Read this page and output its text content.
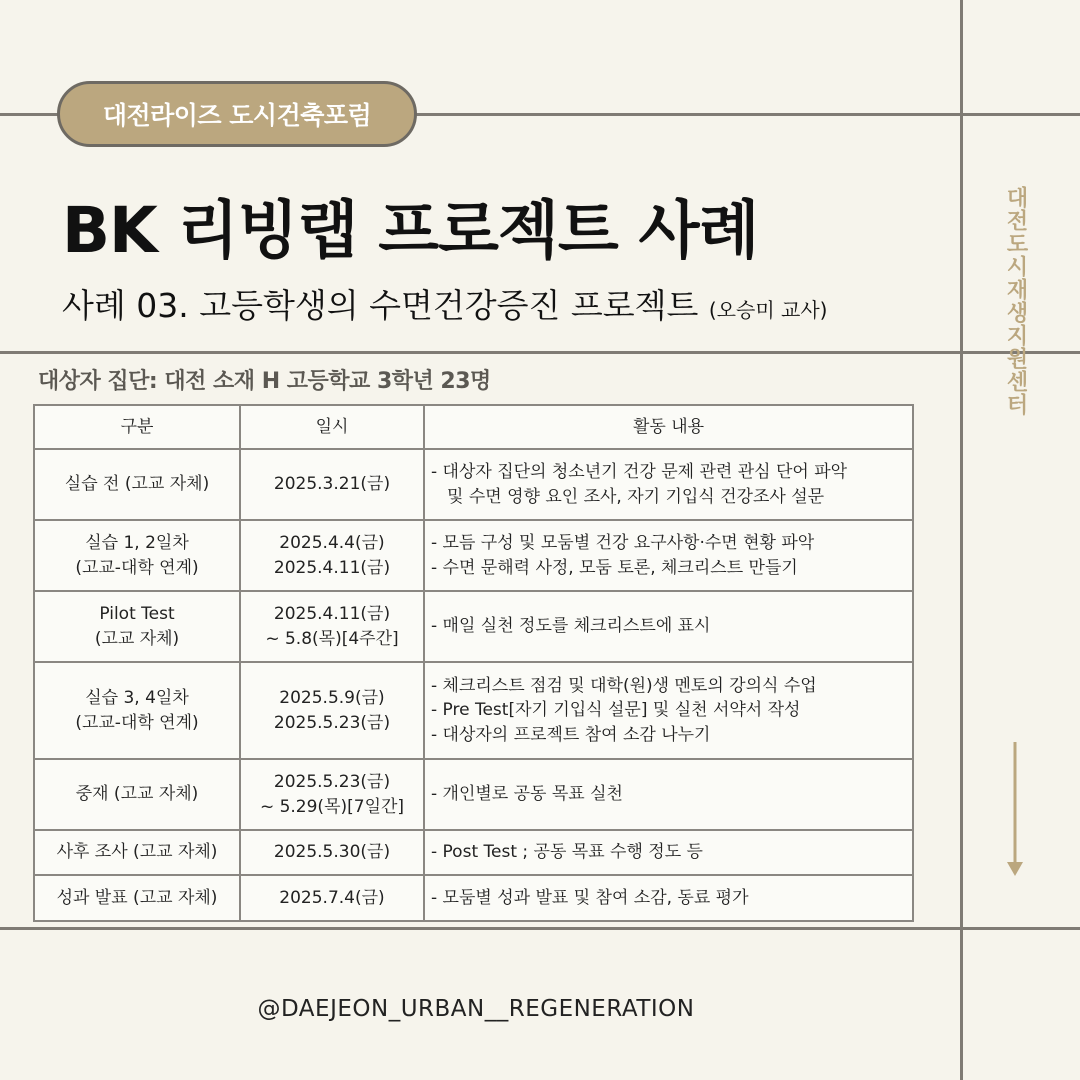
대전라이즈 도시건축포럼
BK 리빙랩 프로젝트 사례
사례 03. 고등학생의 수면건강증진 프로젝트 (오승미 교사)
대상자 집단: 대전 소재 H 고등학교 3학년 23명
구분	일시	활동 내용

실습 전 (고교 자체)	2025.3.21(금)	- 대상자 집단의 청소년기 건강 문제 관련 관심 단어 파악
및 수면 영향 요인 조사, 자기 기입식 건강조사 설문

실습 1, 2일차
(고교-대학 연계)	2025.4.4(금)
2025.4.11(금)	- 모듬 구성 및 모둠별 건강 요구사항·수면 현황 파악
- 수면 문해력 사정, 모둠 토론, 체크리스트 만들기

Pilot Test
(고교 자체)	2025.4.11(금)
~ 5.8(목)[4주간]	- 매일 실천 정도를 체크리스트에 표시

실습 3, 4일차
(고교-대학 연계)	2025.5.9(금)
2025.5.23(금)	- 체크리스트 점검 및 대학(원)생 멘토의 강의식 수업
- Pre Test[자기 기입식 설문] 및 실천 서약서 작성
- 대상자의 프로젝트 참여 소감 나누기

중재 (고교 자체)	2025.5.23(금)
~ 5.29(목)[7일간]	- 개인별로 공동 목표 실천

사후 조사 (고교 자체)	2025.5.30(금)	- Post Test ; 공동 목표 수행 정도 등

성과 발표 (고교 자체)	2025.7.4(금)	- 모둠별 성과 발표 및 참여 소감, 동료 평가
대전도시재생지원센터
@DAEJEON_URBAN__REGENERATION
